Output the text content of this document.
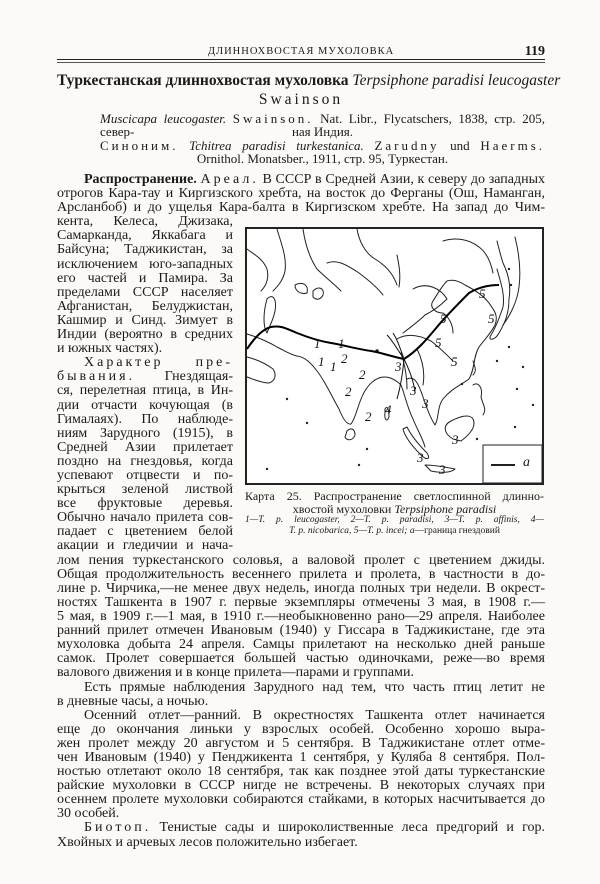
ДЛИННОХВОСТАЯ МУХОЛОВКА	119
Туркестанская длиннохвостая мухоловка Terpsiphone paradisi leucogaster
Swainson
Muscicapa leucogaster. Swainson. Nat. Libr., Flycatschers, 1838, стр. 205, север-	ная Индия.
Синоним. Tchitrea paradisi turkestanica. Zarudny und Haerms.
Ornithol. Monatsber., 1911, стр. 95, Туркестан.
Распространение. Ареал. В СССР в Средней Азии, к северу до западных
отрогов Кара-тау и Киргизского хребта, на восток до Ферганы (Ош, Наманган,
Арсланбоб) и до ущелья Кара-балта в Киргизском хребте. На запад до Чим-
кента, Келеса, Джизака,
Самарканда, Яккабага и
Байсуна; Таджикистан, за
исключением юго-западных
его частей и Памира. За
пределами СССР населяет
Афганистан, Белуджистан,
Кашмир и Синд. Зимует в
Индии (вероятно в средних
и южных частях).
Характер пре-
бывания. Гнездящая-
ся, перелетная птица, в Ин-
дии отчасти кочующая (в
Гималаях). По наблюде-
ниям Зарудного (1915), в
Средней Азии прилетает
поздно на гнездовья, когда
успевают отцвести и по-
крыться зеленой листвой
все фруктовые деревья.
Обычно начало прилета сов-
падает с цветением белой
акации и гледичии и нача-
лом пения туркестанского соловья, а валовой пролет с цветением джиды.
Общая продолжительность весеннего прилета и пролета, в частности в до-
лине р. Чирчика,—не менее двух недель, иногда полных три недели. В окрест-
ностях Ташкента в 1907 г. первые экземпляры отмечены 3 мая, в 1908 г.—
5 мая, в 1909 г.—1 мая, в 1910 г.—необыкновенно рано—29 апреля. Наиболее
ранний прилет отмечен Ивановым (1940) у Гиссара в Таджикистане, где эта
мухоловка добыта 24 апреля. Самцы прилетают на несколько дней раньше
самок. Пролет совершается большей частью одиночками, реже—во время
валового движения и в конце прилета—парами и группами.
Есть прямые наблюдения Зарудного над тем, что часть птиц летит не
в дневные часы, а ночью.
Осенний отлет—ранний. В окрестностях Ташкента отлет начинается
еще до окончания линьки у взрослых особей. Особенно хорошо выра-
жен пролет между 20 августом и 5 сентября. В Таджикистане отлет отме-
чен Ивановым (1940) у Пенджикента 1 сентября, у Куляба 8 сентября. Пол-
ностью отлетают около 18 сентября, так как позднее этой даты туркестанские
райские мухоловки в СССР нигде не встречены. В некоторых случаях при
осеннем пролете мухоловки собираются стайками, в которых насчитывается до
30 особей.
Биотоп. Тенистые сады и широколиственные леса предгорий и гор.
Хвойных и арчевых лесов положительно избегает.
1 1
2
1 1
2
2
2 4
3
3
3
3
3
3
5
5	5
5
5
a
Карта 25. Распространение светлоспинной длинно-
хвостой мухоловки Terpsiphone paradisi
1—T. p. leucogaster, 2—T. p. paradisi, 3—T. p. affinis, 4—
T. p. nicobarica, 5—T. p. incei; a—граница гнездовий
